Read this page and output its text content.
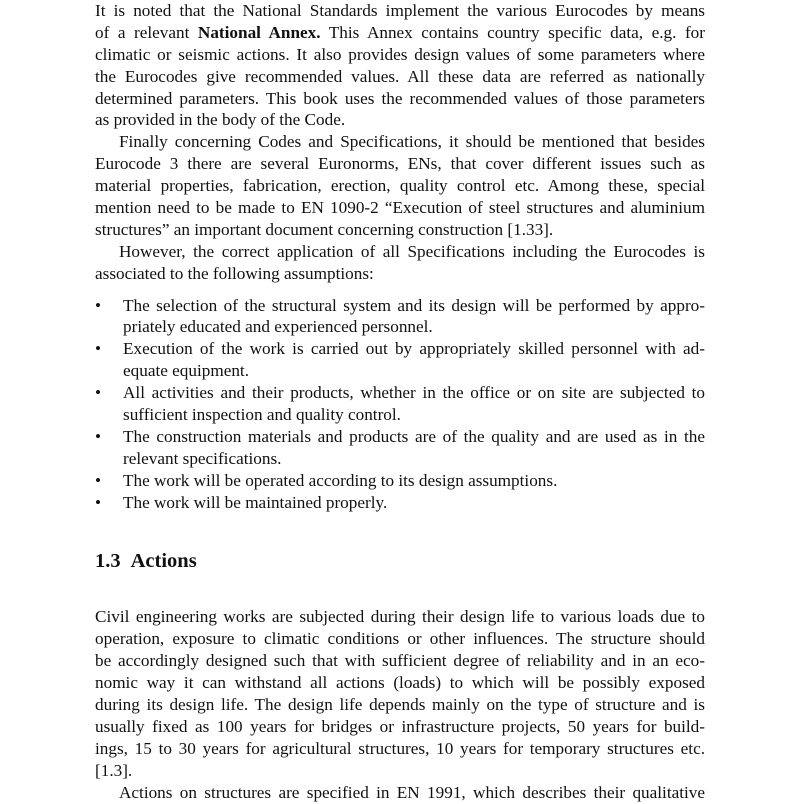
It is noted that the National Standards implement the various Eurocodes by means
of a relevant National Annex. This Annex contains country specific data, e.g. for
climatic or seismic actions. It also provides design values of some parameters where
the Eurocodes give recommended values. All these data are referred as nationally
determined parameters. This book uses the recommended values of those parameters
as provided in the body of the Code.
Finally concerning Codes and Specifications, it should be mentioned that besides
Eurocode 3 there are several Euronorms, ENs, that cover different issues such as
material properties, fabrication, erection, quality control etc. Among these, special
mention need to be made to EN 1090-2 “Execution of steel structures and aluminium
structures” an important document concerning construction [1.33].
However, the correct application of all Specifications including the Eurocodes is
associated to the following assumptions:
•	The selection of the structural system and its design will be performed by appro-
priately educated and experienced personnel.
•	Execution of the work is carried out by appropriately skilled personnel with ad-
equate equipment.
•	All activities and their products, whether in the office or on site are subjected to
sufficient inspection and quality control.
•	The construction materials and products are of the quality and are used as in the
relevant specifications.
•	The work will be operated according to its design assumptions.
•	The work will be maintained properly.
1.3 Actions
Civil engineering works are subjected during their design life to various loads due to
operation, exposure to climatic conditions or other influences. The structure should
be accordingly designed such that with sufficient degree of reliability and in an eco-
nomic way it can withstand all actions (loads) to which will be possibly exposed
during its design life. The design life depends mainly on the type of structure and is
usually fixed as 100 years for bridges or infrastructure projects, 50 years for build-
ings, 15 to 30 years for agricultural structures, 10 years for temporary structures etc.
[1.3].
Actions on structures are specified in EN 1991, which describes their qualitative
